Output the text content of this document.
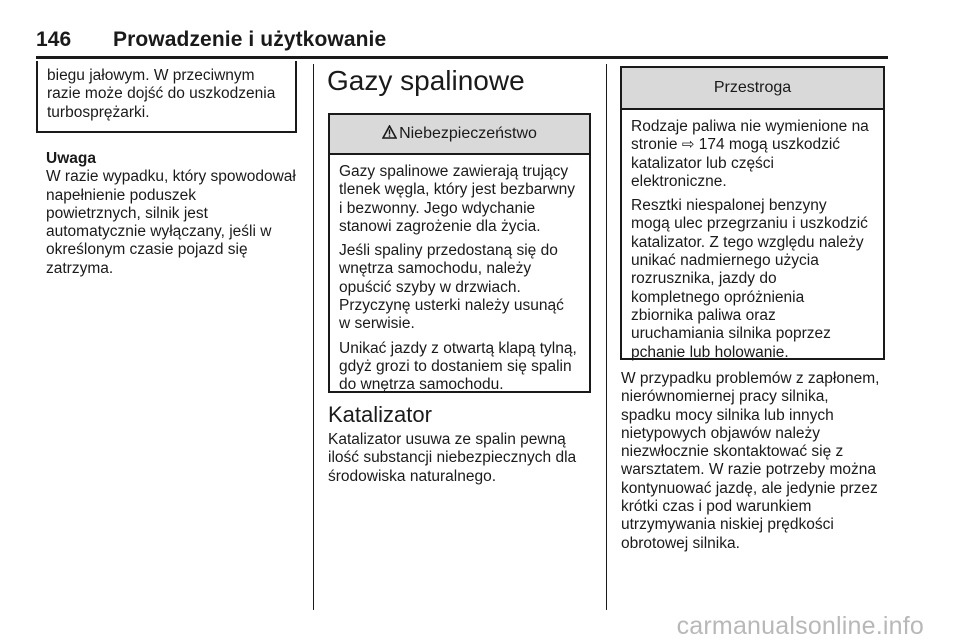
146 Prowadzenie i użytkowanie

biegu jałowym. W przeciwnym

razie może dojść do uszkodzenia

turbosprężarki.

Uwaga

W razie wypadku, który spowodował

napełnienie poduszek

powietrznych, silnik jest

automatycznie wyłączany, jeśli w

określonym czasie pojazd się

zatrzyma.

Gazy spalinowe
Niebezpieczeństwo
Gazy spalinowe zawierają trujący
tlenek węgla, który jest bezbarwny
i bezwonny. Jego wdychanie
stanowi zagrożenie dla życia.
Jeśli spaliny przedostaną się do
wnętrza samochodu, należy
opuścić szyby w drzwiach.
Przyczynę usterki należy usunąć
w serwisie.
Unikać jazdy z otwartą klapą tylną,
gdyż grozi to dostaniem się spalin
do wnętrza samochodu.
Katalizator

Katalizator usuwa ze spalin pewną

ilość substancji niebezpiecznych dla

środowiska naturalnego.

Przestroga
Rodzaje paliwa nie wymienione na
stronie ⇨ 174 mogą uszkodzić
katalizator lub części
elektroniczne.
Resztki niespalonej benzyny
mogą ulec przegrzaniu i uszkodzić
katalizator. Z tego względu należy
unikać nadmiernego użycia
rozrusznika, jazdy do
kompletnego opróżnienia
zbiornika paliwa oraz
uruchamiania silnika poprzez
pchanie lub holowanie.

W przypadku problemów z zapłonem,

nierównomiernej pracy silnika,

spadku mocy silnika lub innych

nietypowych objawów należy

niezwłocznie skontaktować się z

warsztatem. W razie potrzeby można

kontynuować jazdę, ale jedynie przez

krótki czas i pod warunkiem

utrzymywania niskiej prędkości

obrotowej silnika.

carmanualsonline.info
